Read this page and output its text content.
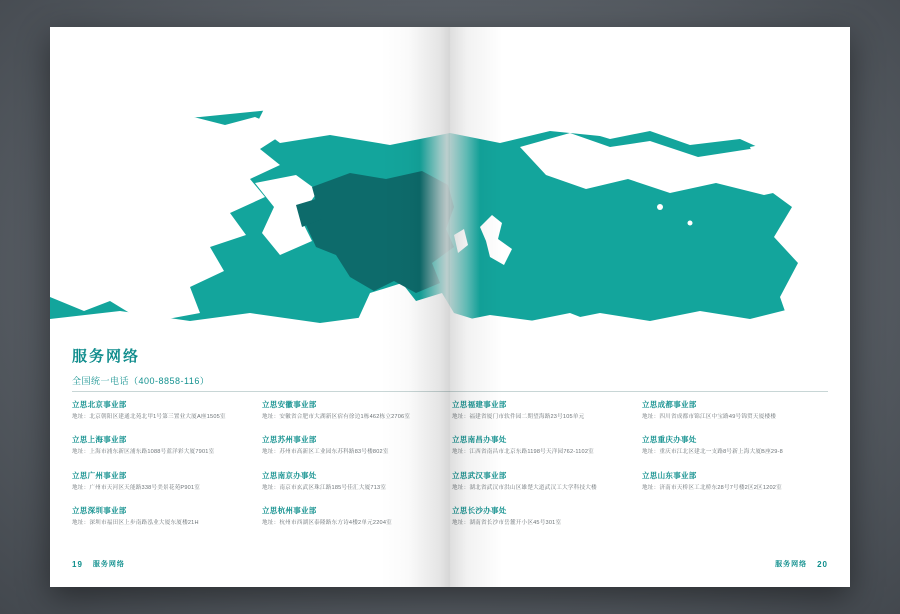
服务网络
全国统一电话（400-8858-116）
立思北京事业部
地址：北京朝阳区建通北苑北甲1号第三置业大厦A座1505室
立思上海事业部
地址：上海市浦东新区浦东路1088号蓝洋彩大厦7901室
立思广州事业部
地址：广州市天河区天能路338号美景花苑P901室
立思深圳事业部
地址：深圳市福田区上步南路泓业大厦东厦楼21H
立思安徽事业部
地址：安徽省合肥市大湖新区宿有徐边1栋462栋立2706室
立思苏州事业部
地址：苏州市高新区工业园东苏科路83号楼802室
立思南京办事处
地址：南京市玄武区珠江路185号佳汇大厦713室
立思杭州事业部
地址：杭州市西湖区泰隆路东方诗4楼2单元2204室
立思福建事业部
地址：福建省厦门市软件园二期望海路23号105单元
立思南昌办事处
地址：江西省南昌市北京东路1198号天洋园762-1102室
立思武汉事业部
地址：湖北省武汉市洪山区雄楚大道武汉工大学科技大楼
立思长沙办事处
地址：湖南省长沙市岳麓开小区45号301室
立思成都事业部
地址：四川省成都市锦江区中宝路49号锦贸天厦楼楼
立思重庆办事处
地址：重庆市江北区建北一支路8号新上海大厦B座29-8
立思山东事业部
地址：济南市天桥区工北桥东28号7号楼2区2区1202室
19 服务网络	服务网络 20
